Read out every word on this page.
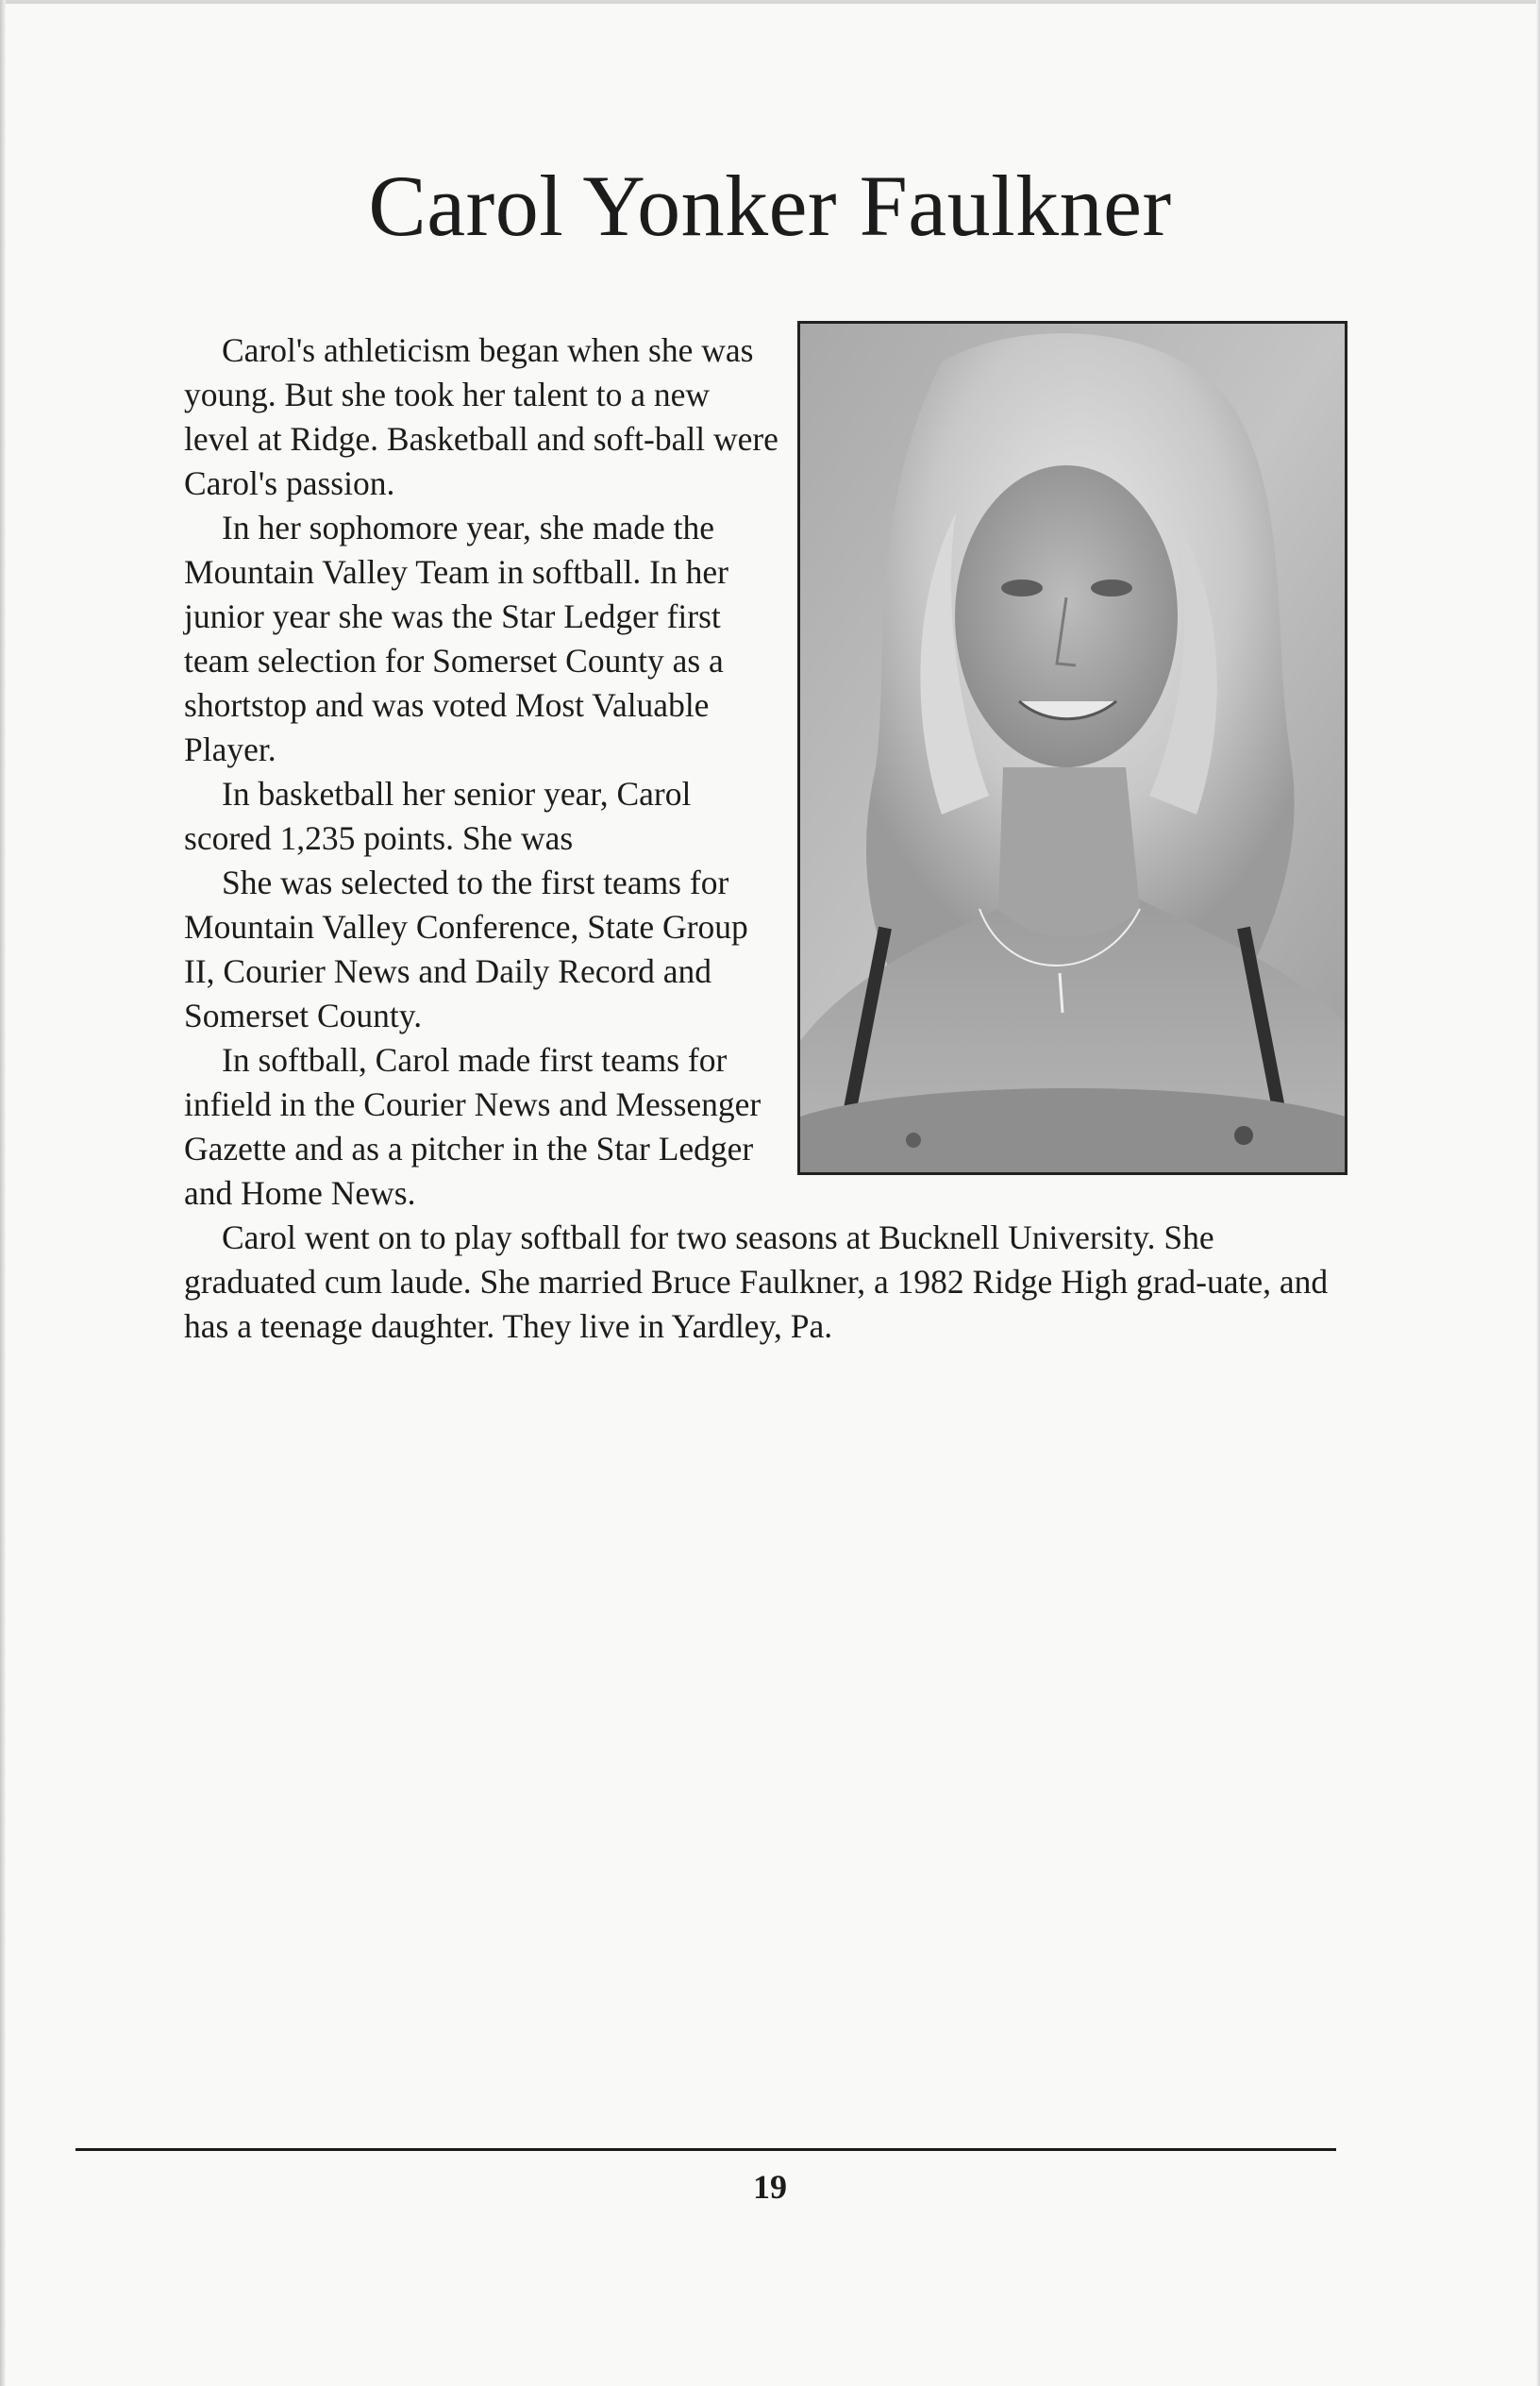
Carol Yonker Faulkner

Carol's athleticism began when she was young. But she took her talent to a new level at Ridge. Basketball and soft-ball were Carol's passion.

In her sophomore year, she made the Mountain Valley Team in softball. In her junior year she was the Star Ledger first team selection for Somerset County as a shortstop and was voted Most Valuable Player.

In basketball her senior year, Carol scored 1,235 points. She was

She was selected to the first teams for Mountain Valley Conference, State Group II, Courier News and Daily Record and Somerset County.

In softball, Carol made first teams for infield in the Courier News and Messenger Gazette and as a pitcher in the Star Ledger and Home News.

Carol went on to play softball for two seasons at Bucknell University. She graduated cum laude. She married Bruce Faulkner, a 1982 Ridge High grad-uate, and has a teenage daughter. They live in Yardley, Pa.

19
